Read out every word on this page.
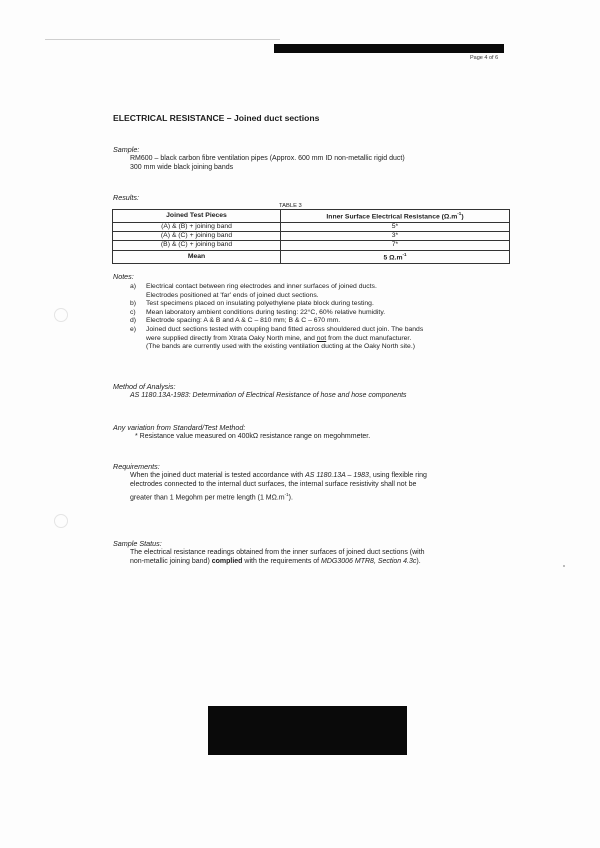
Page 4 of 6
ELECTRICAL RESISTANCE – Joined duct sections
Sample:
RM600 – black carbon fibre ventilation pipes (Approx. 600 mm ID non-metallic rigid duct)
300 mm wide black joining bands
Results:
TABLE 3
Joined Test Pieces	Inner Surface Electrical Resistance $(\Omega.m^{-1})$
(A) & (B) + joining band	5*
(A) & (C) + joining band	3*
(B) & (C) + joining band	7*
Mean	5 $\Omega.m^{-1}$
Notes:
a) Electrical contact between ring electrodes and inner surfaces of joined ducts.
Electrodes positioned at 'far' ends of joined duct sections.
b) Test specimens placed on insulating polyethylene plate block during testing.
c) Mean laboratory ambient conditions during testing: 22°C, 60% relative humidity.
d) Electrode spacing: A & B and A & C – 810 mm; B & C – 670 mm.
e) Joined duct sections tested with coupling band fitted across shouldered duct join. The bands
were supplied directly from Xtrata Oaky North mine, and not from the duct manufacturer.
(The bands are currently used with the existing ventilation ducting at the Oaky North site.)
Method of Analysis:
AS 1180.13A-1983: Determination of Electrical Resistance of hose and hose components
Any variation from Standard/Test Method:
* Resistance value measured on 400kΩ resistance range on megohmmeter.
Requirements:
When the joined duct material is tested accordance with AS 1180.13A – 1983, using flexible ring
electrodes connected to the internal duct surfaces, the internal surface resistivity shall not be
greater than 1 Megohm per metre length (1 $M\Omega.m^{-1}$).
Sample Status:
The electrical resistance readings obtained from the inner surfaces of joined duct sections (with
non-metallic joining band) complied with the requirements of MDG3006 MTR8, Section 4.3c).
